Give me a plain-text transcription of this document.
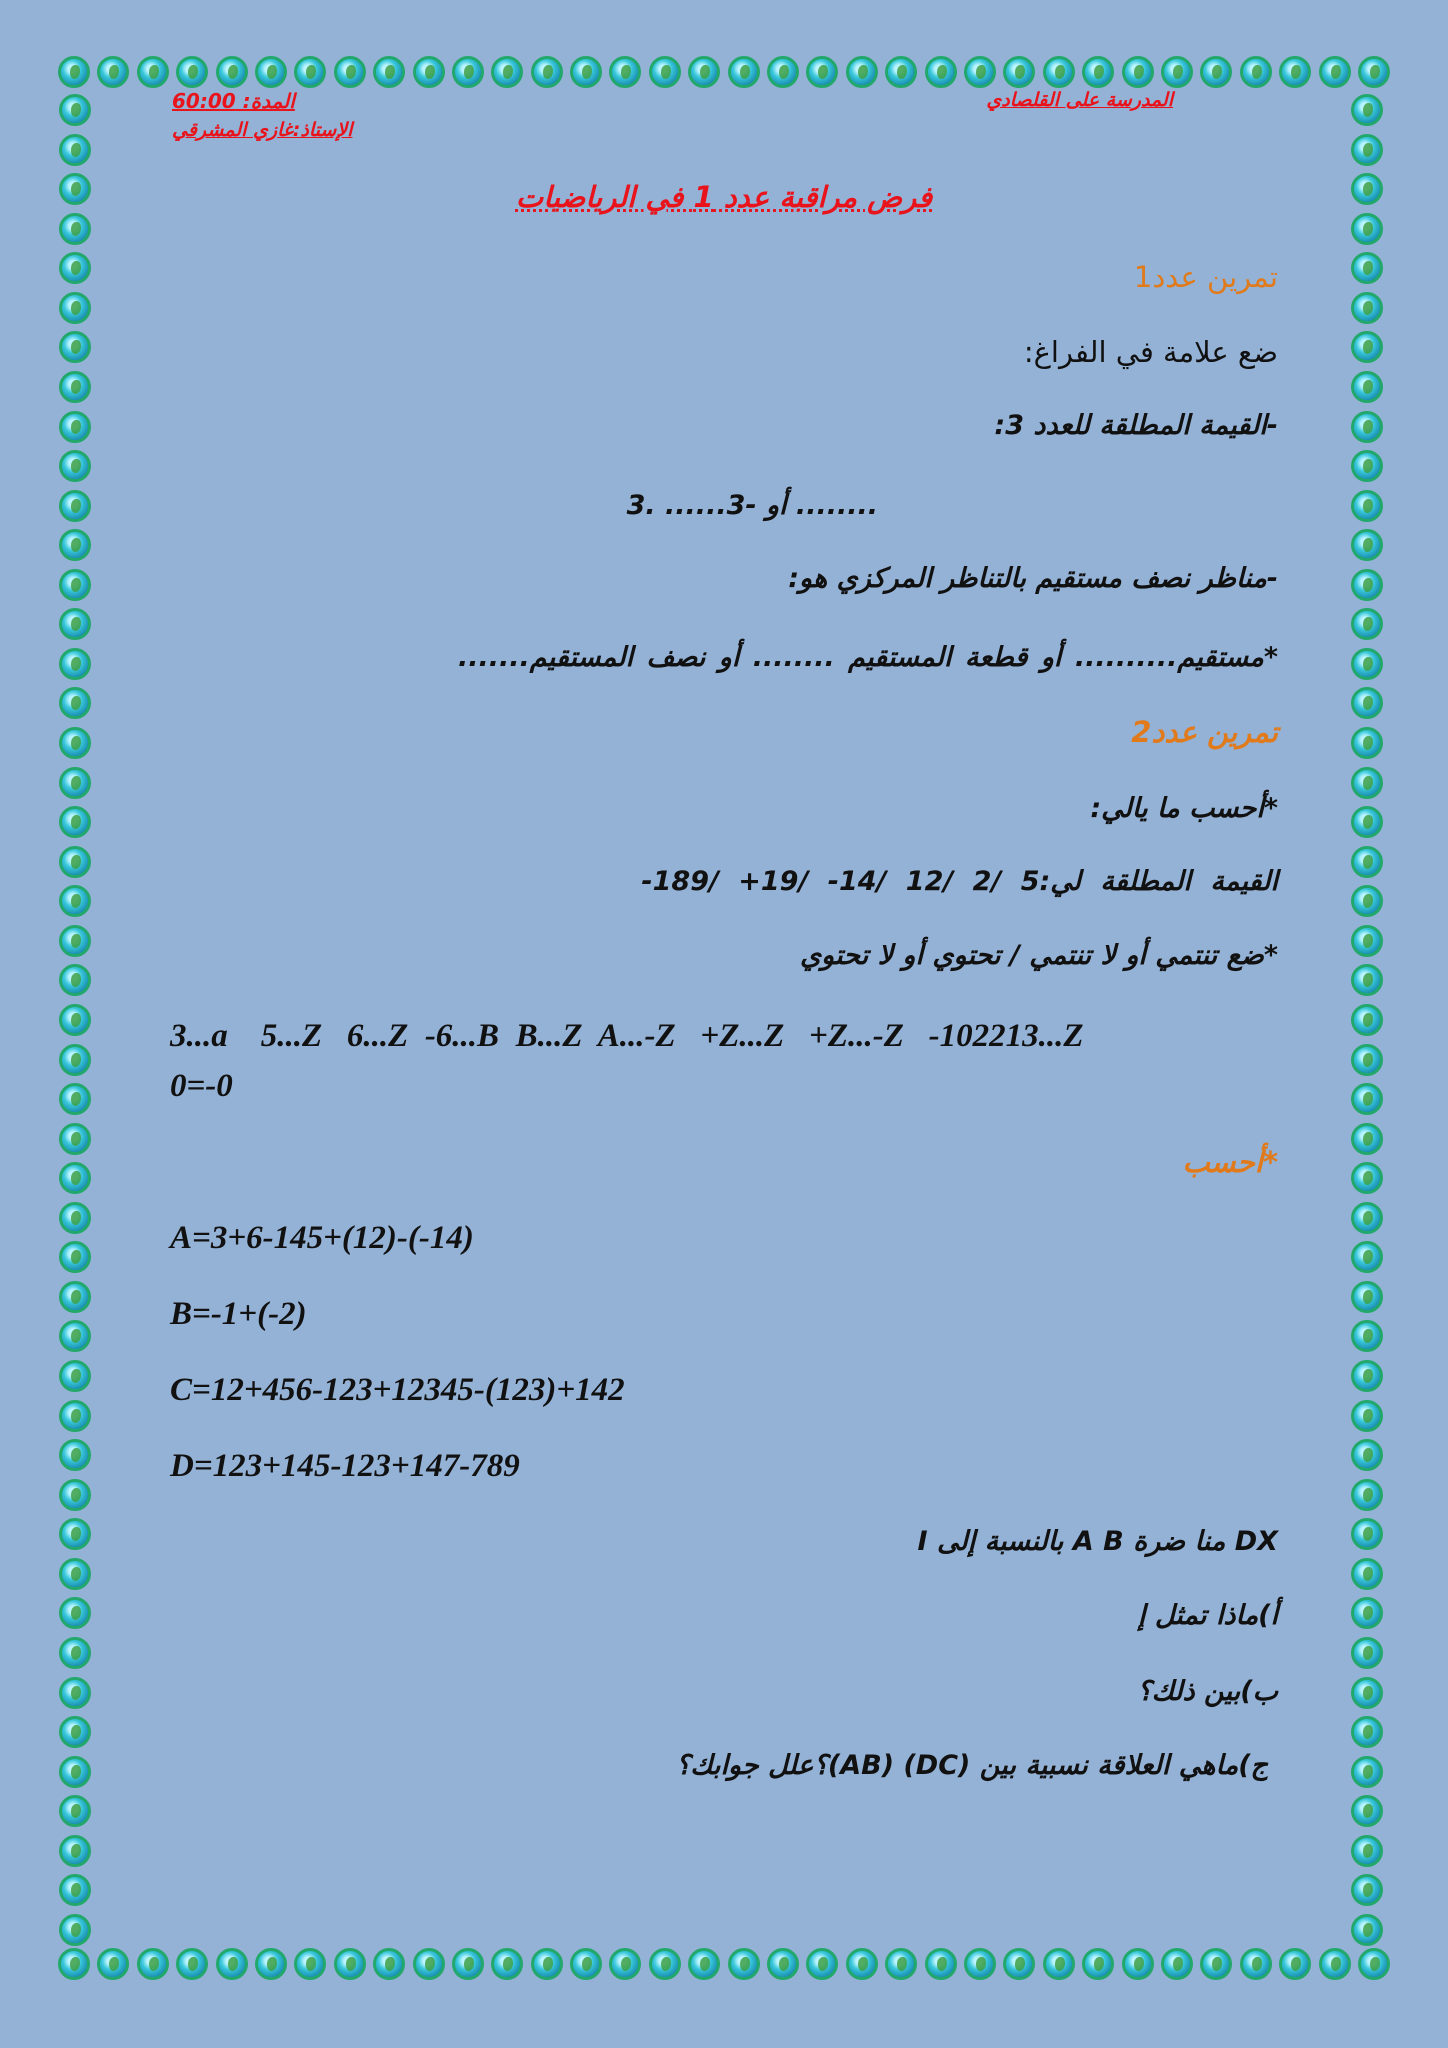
المدرسة على القلصادي
المدة: 60:00
الإستاذ:غازي المشرقي
فرض مراقبة عدد 1 في الرياضيات
تمرين عدد1
ضع علامة في الفراغ:
-القيمة المطلقة للعدد 3:
3. ......أو -3 ........
-مناظر نصف مستقيم بالتناظر المركزي هو:
*مستقيم.......... أو قطعة المستقيم ........ أو نصف المستقيم.......
تمرين عدد2
*أحسب ما يالي:
القيمة المطلقة لي:5 /2 /12 /14- /19+ /189-
*ضع تنتمي أو لا تنتمي / تحتوي أو لا تحتوي
3...a    5...Z   6...Z  -6...B  B...Z  A...-Z   +Z...Z   +Z...-Z   -102213...Z
0=-0
*أحسب
A=3+6-145+(12)-(-14)
B=-1+(-2)
C=12+456-123+12345-(123)+142
D=123+145-123+147-789
DX منا ضرة A B بالنسبة إلى I
أ)ماذا تمثل إ
ب)بين ذلك؟
ج)ماهي العلاقة نسبية بين (DC) (AB)؟علل جوابك؟
